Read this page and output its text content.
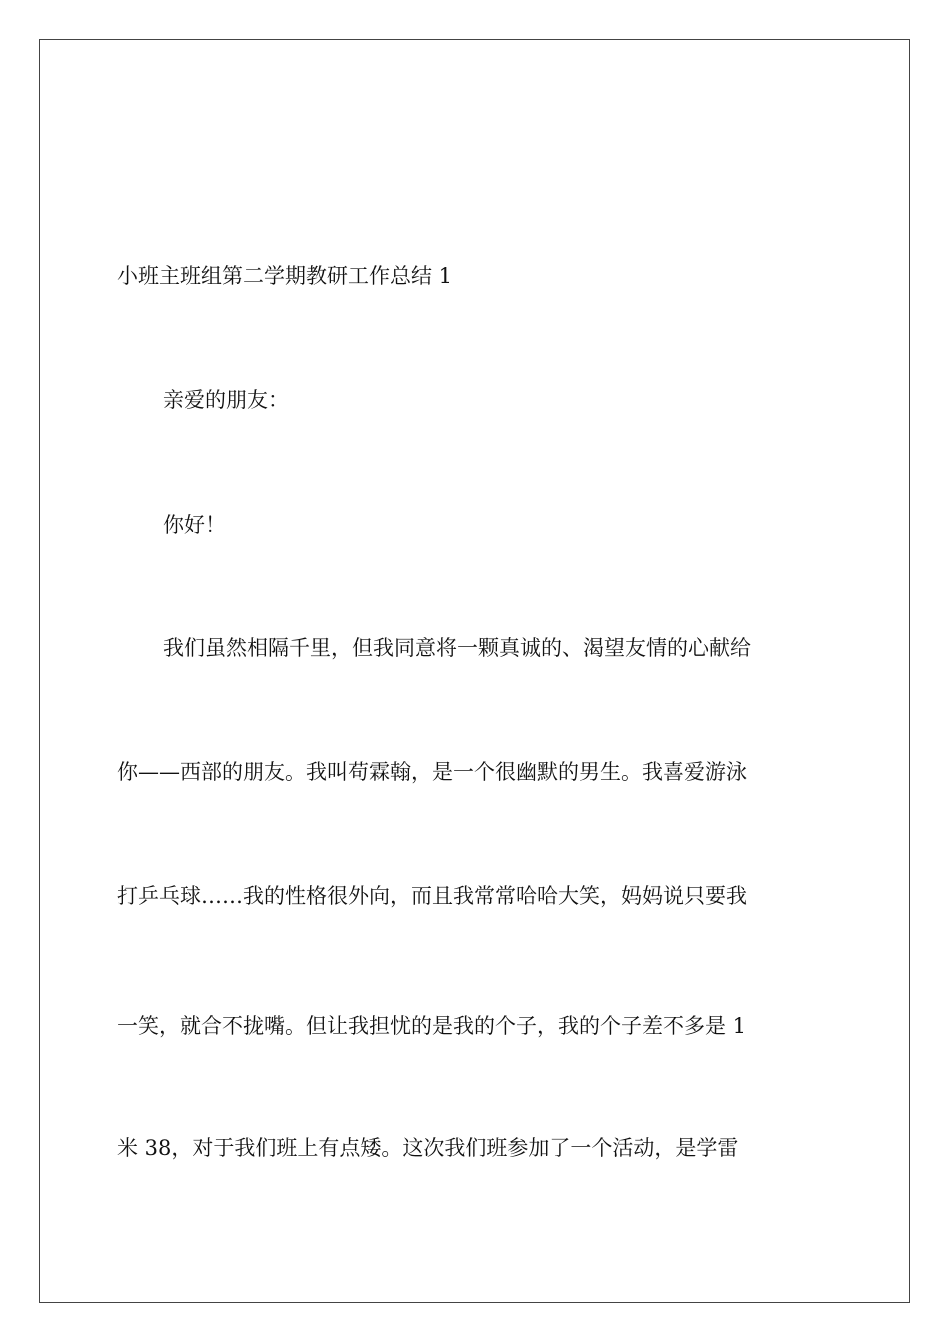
小班主班组第二学期教研工作总结 1
亲爱的朋友：
你好！
我们虽然相隔千里，但我同意将一颗真诚的、渴望友情的心献给
你——西部的朋友。我叫苟霖翰，是一个很幽默的男生。我喜爱游泳
打乒乓球……我的性格很外向，而且我常常哈哈大笑，妈妈说只要我
一笑，就合不拢嘴。但让我担忧的是我的个子，我的个子差不多是 1
米 38，对于我们班上有点矮。这次我们班参加了一个活动，是学雷
